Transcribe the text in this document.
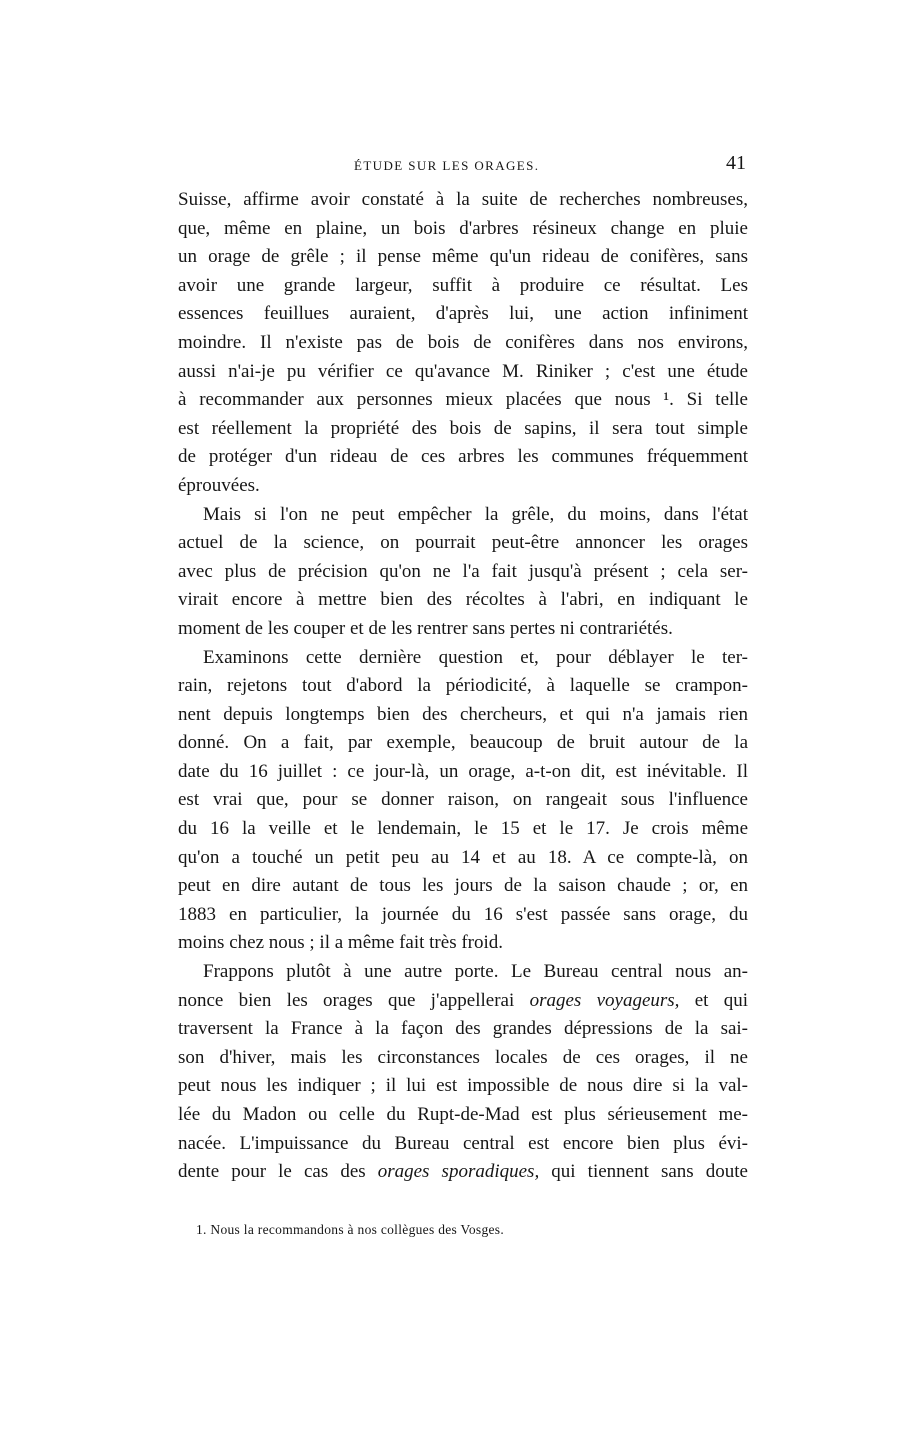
ÉTUDE SUR LES ORAGES.	41
Suisse, affirme avoir constaté à la suite de recherches nombreuses,
que, même en plaine, un bois d'arbres résineux change en pluie
un orage de grêle ; il pense même qu'un rideau de conifères, sans
avoir une grande largeur, suffit à produire ce résultat. Les
essences feuillues auraient, d'après lui, une action infiniment
moindre. Il n'existe pas de bois de conifères dans nos environs,
aussi n'ai-je pu vérifier ce qu'avance M. Riniker ; c'est une étude
à recommander aux personnes mieux placées que nous ¹. Si telle
est réellement la propriété des bois de sapins, il sera tout simple
de protéger d'un rideau de ces arbres les communes fréquemment
éprouvées.
Mais si l'on ne peut empêcher la grêle, du moins, dans l'état
actuel de la science, on pourrait peut-être annoncer les orages
avec plus de précision qu'on ne l'a fait jusqu'à présent ; cela ser-
virait encore à mettre bien des récoltes à l'abri, en indiquant le
moment de les couper et de les rentrer sans pertes ni contrariétés.
Examinons cette dernière question et, pour déblayer le ter-
rain, rejetons tout d'abord la périodicité, à laquelle se crampon-
nent depuis longtemps bien des chercheurs, et qui n'a jamais rien
donné. On a fait, par exemple, beaucoup de bruit autour de la
date du 16 juillet : ce jour-là, un orage, a-t-on dit, est inévitable. Il
est vrai que, pour se donner raison, on rangeait sous l'influence
du 16 la veille et le lendemain, le 15 et le 17. Je crois même
qu'on a touché un petit peu au 14 et au 18. A ce compte-là, on
peut en dire autant de tous les jours de la saison chaude ; or, en
1883 en particulier, la journée du 16 s'est passée sans orage, du
moins chez nous ; il a même fait très froid.
Frappons plutôt à une autre porte. Le Bureau central nous an-
nonce bien les orages que j'appellerai orages voyageurs, et qui
traversent la France à la façon des grandes dépressions de la sai-
son d'hiver, mais les circonstances locales de ces orages, il ne
peut nous les indiquer ; il lui est impossible de nous dire si la val-
lée du Madon ou celle du Rupt-de-Mad est plus sérieusement me-
nacée. L'impuissance du Bureau central est encore bien plus évi-
dente pour le cas des orages sporadiques, qui tiennent sans doute
1. Nous la recommandons à nos collègues des Vosges.
